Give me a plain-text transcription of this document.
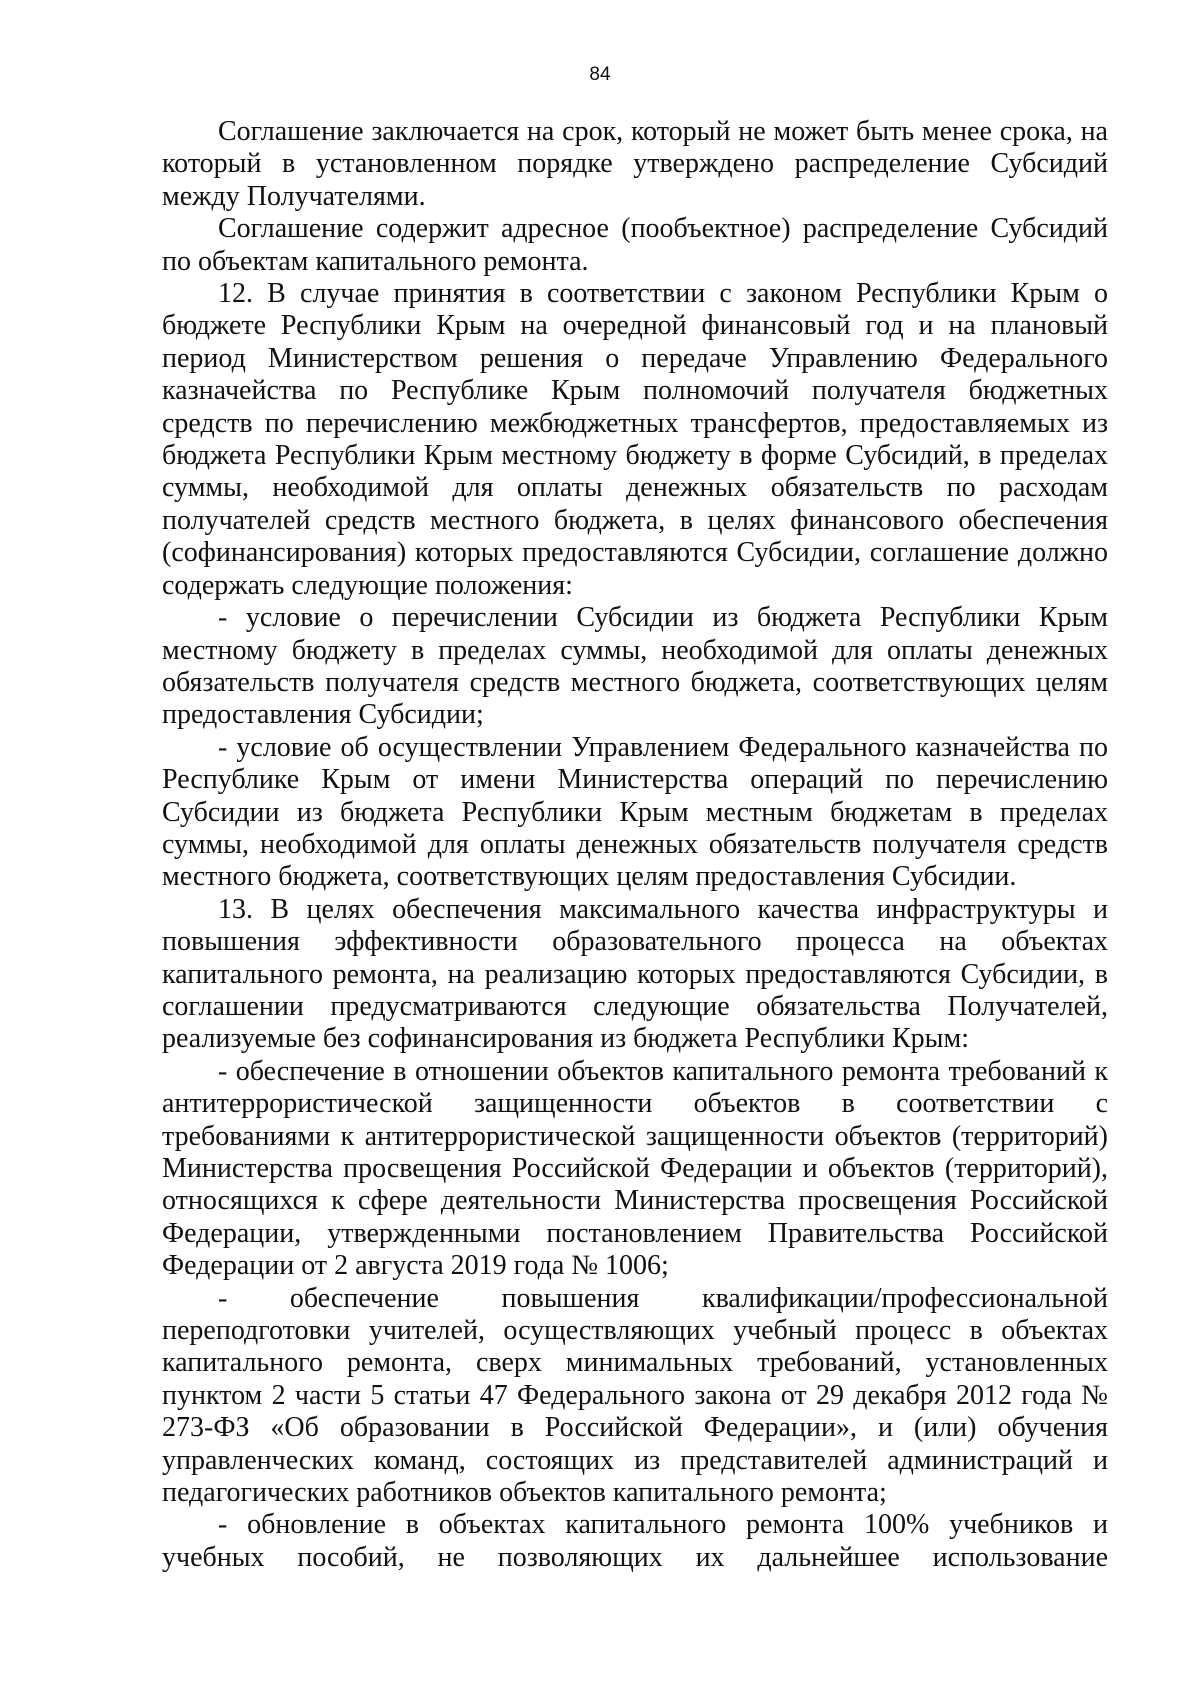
84

Соглашение заключается на срок, который не может быть менее срока, на который в установленном порядке утверждено распределение Субсидий между Получателями.

Соглашение содержит адресное (пообъектное) распределение Субсидий по объектам капитального ремонта.

12. В случае принятия в соответствии с законом Республики Крым о бюджете Республики Крым на очередной финансовый год и на плановый период Министерством решения о передаче Управлению Федерального казначейства по Республике Крым полномочий получателя бюджетных средств по перечислению межбюджетных трансфертов, предоставляемых из бюджета Республики Крым местному бюджету в форме Субсидий, в пределах суммы, необходимой для оплаты денежных обязательств по расходам получателей средств местного бюджета, в целях финансового обеспечения (софинансирования) которых предоставляются Субсидии, соглашение должно содержать следующие положения:

- условие о перечислении Субсидии из бюджета Республики Крым местному бюджету в пределах суммы, необходимой для оплаты денежных обязательств получателя средств местного бюджета, соответствующих целям предоставления Субсидии;

- условие об осуществлении Управлением Федерального казначейства по Республике Крым от имени Министерства операций по перечислению Субсидии из бюджета Республики Крым местным бюджетам в пределах суммы, необходимой для оплаты денежных обязательств получателя средств местного бюджета, соответствующих целям предоставления Субсидии.

13. В целях обеспечения максимального качества инфраструктуры и повышения эффективности образовательного процесса на объектах капитального ремонта, на реализацию которых предоставляются Субсидии, в соглашении предусматриваются следующие обязательства Получателей, реализуемые без софинансирования из бюджета Республики Крым:

- обеспечение в отношении объектов капитального ремонта требований к антитеррористической защищенности объектов в соответствии с требованиями к антитеррористической защищенности объектов (территорий) Министерства просвещения Российской Федерации и объектов (территорий), относящихся к сфере деятельности Министерства просвещения Российской Федерации, утвержденными постановлением Правительства Российской Федерации от 2 августа 2019 года № 1006;

- обеспечение повышения квалификации/профессиональной переподготовки учителей, осуществляющих учебный процесс в объектах капитального ремонта, сверх минимальных требований, установленных пунктом 2 части 5 статьи 47 Федерального закона от 29 декабря 2012 года № 273-ФЗ «Об образовании в Российской Федерации», и (или) обучения управленческих команд, состоящих из представителей администраций и педагогических работников объектов капитального ремонта;

- обновление в объектах капитального ремонта 100% учебников и учебных пособий, не позволяющих их дальнейшее использование
